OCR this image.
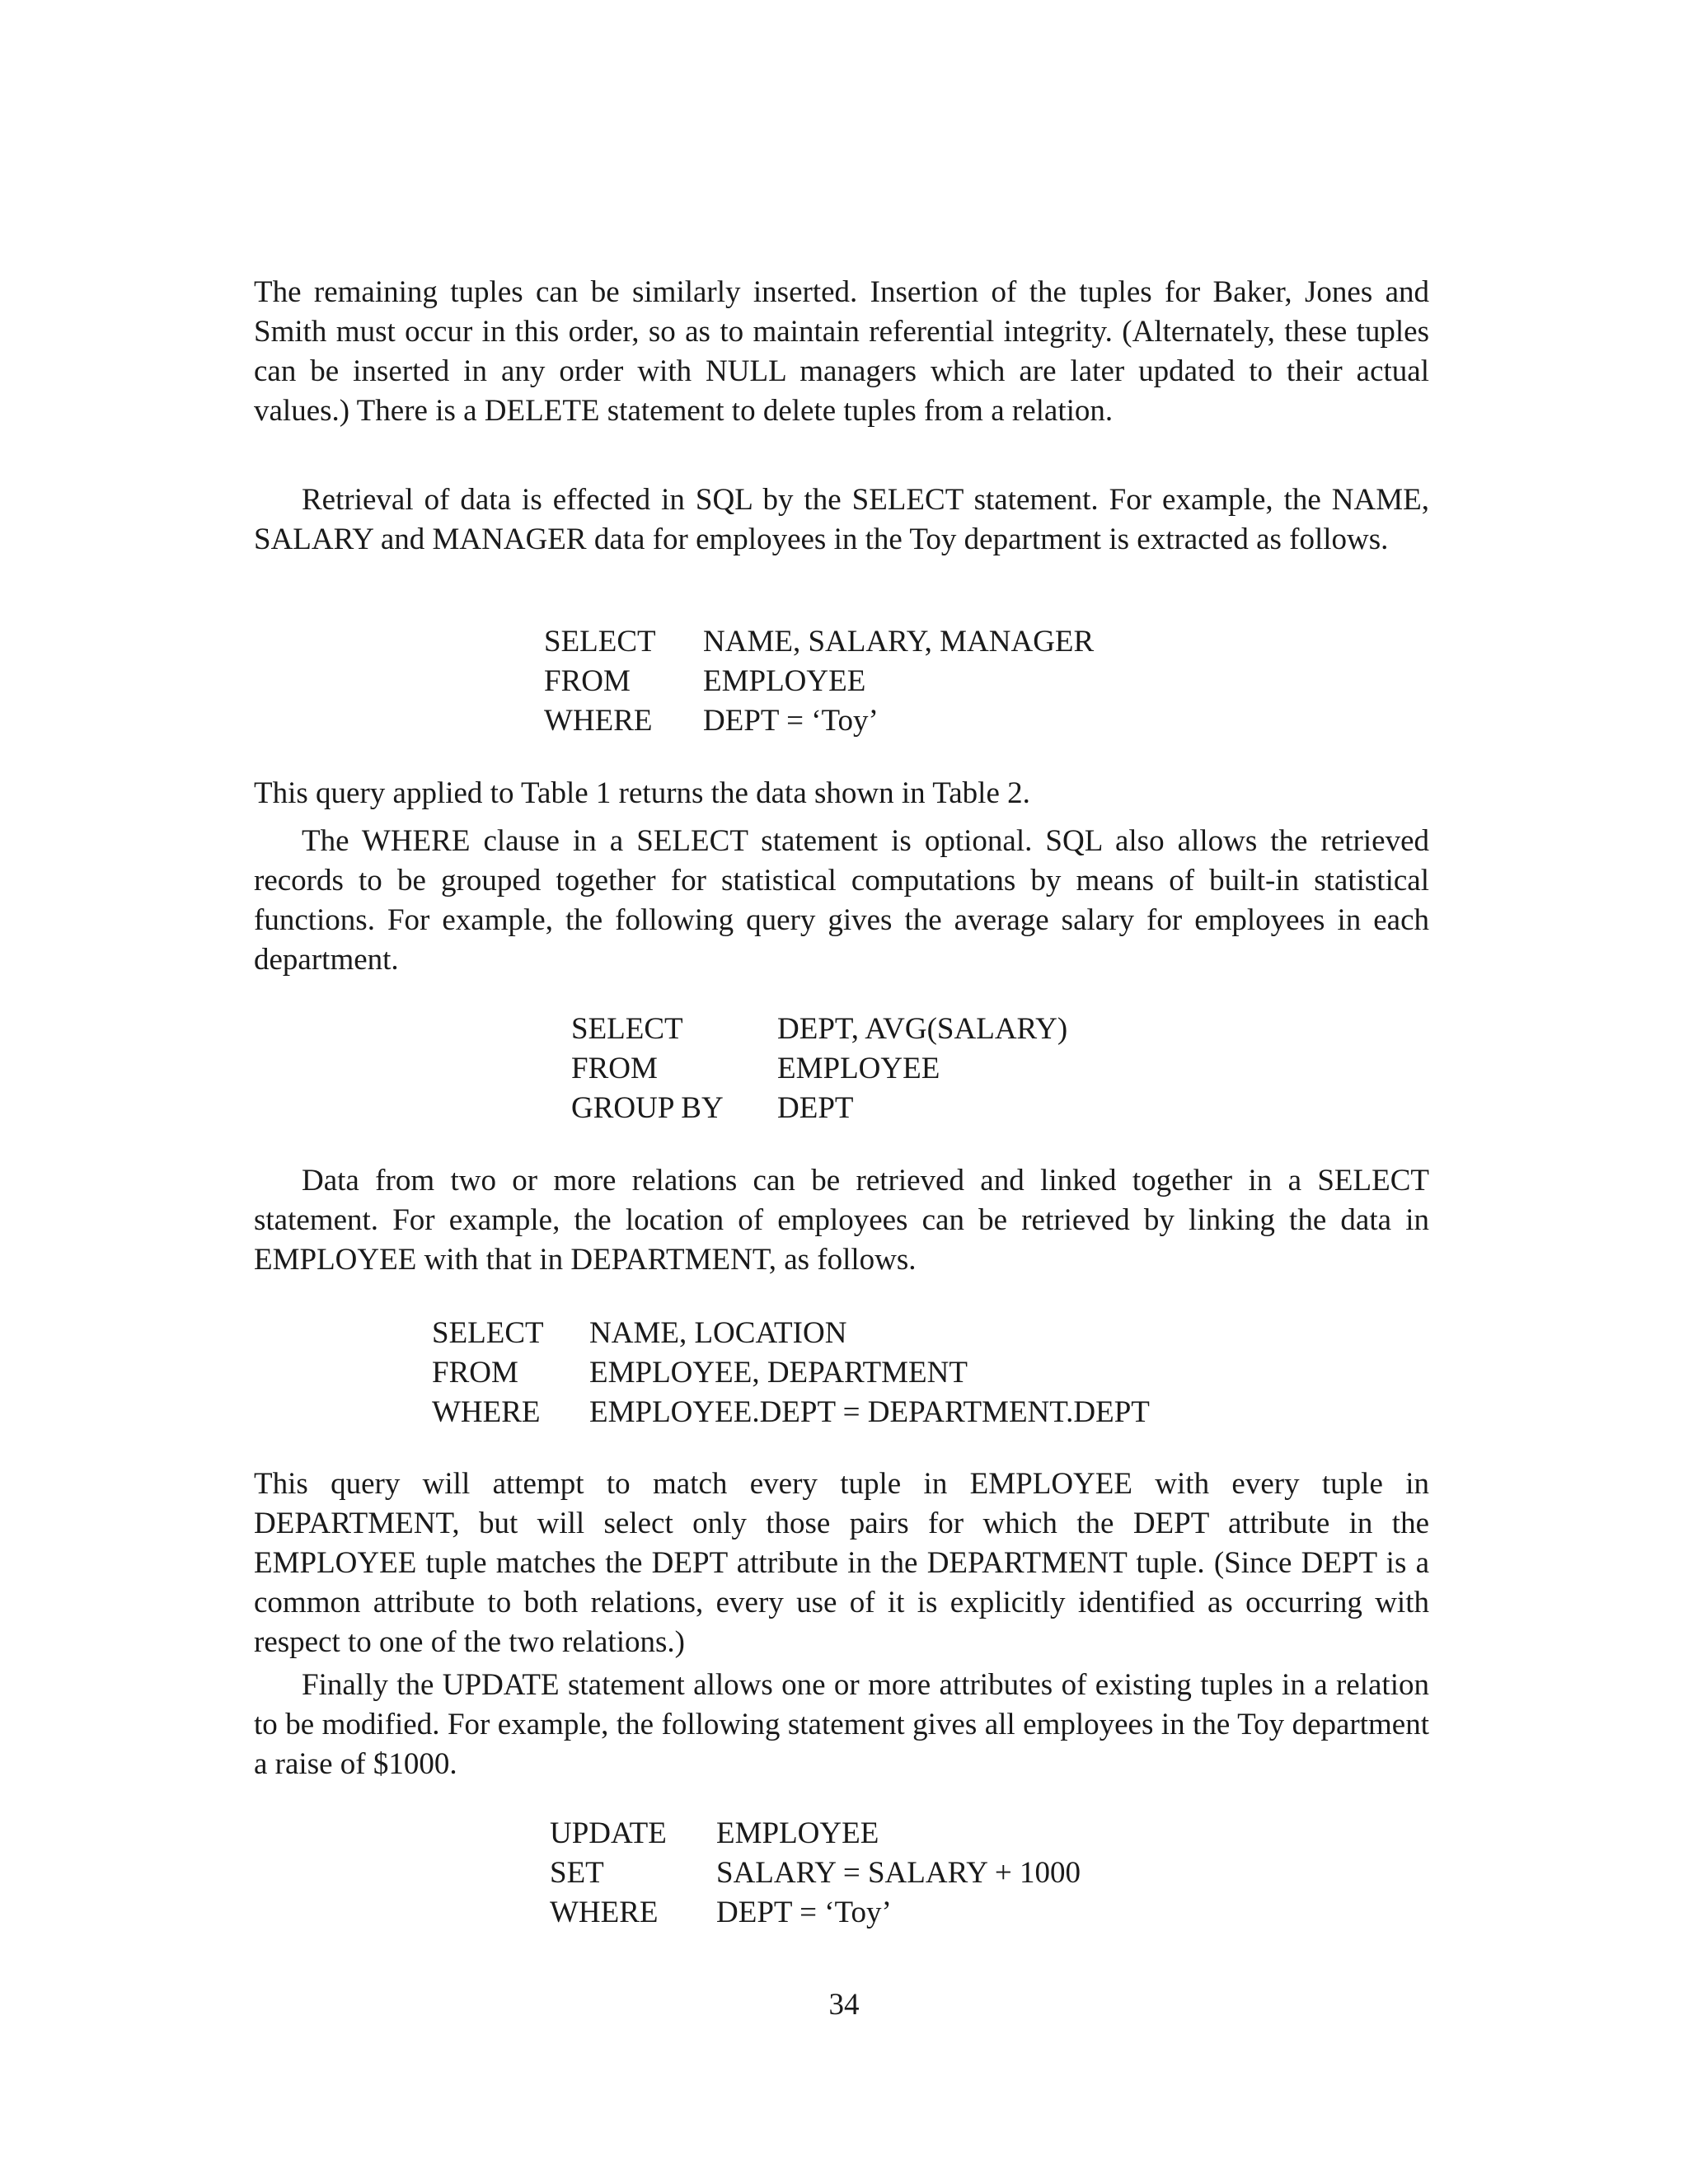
The remaining tuples can be similarly inserted. Insertion of the tuples for Baker, Jones and Smith must occur in this order, so as to maintain referential integrity. (Alternately, these tuples can be inserted in any order with NULL managers which are later updated to their actual values.) There is a DELETE statement to delete tuples from a relation.

Retrieval of data is effected in SQL by the SELECT statement. For example, the NAME, SALARY and MANAGER data for employees in the Toy department is extracted as follows.

SELECT	NAME, SALARY, MANAGER
FROM	EMPLOYEE
WHERE	DEPT = ‘Toy’

This query applied to Table 1 returns the data shown in Table 2.

The WHERE clause in a SELECT statement is optional. SQL also allows the retrieved records to be grouped together for statistical computations by means of built-in statistical functions. For example, the following query gives the average salary for employees in each department.

SELECT	DEPT, AVG(SALARY)
FROM	EMPLOYEE
GROUP BY	DEPT

Data from two or more relations can be retrieved and linked together in a SELECT statement. For example, the location of employees can be retrieved by linking the data in EMPLOYEE with that in DEPARTMENT, as follows.

SELECT	NAME, LOCATION
FROM	EMPLOYEE, DEPARTMENT
WHERE	EMPLOYEE.DEPT = DEPARTMENT.DEPT

This query will attempt to match every tuple in EMPLOYEE with every tuple in DEPARTMENT, but will select only those pairs for which the DEPT attribute in the EMPLOYEE tuple matches the DEPT attribute in the DEPARTMENT tuple. (Since DEPT is a common attribute to both relations, every use of it is explicitly identified as occurring with respect to one of the two relations.)

Finally the UPDATE statement allows one or more attributes of existing tuples in a relation to be modified. For example, the following statement gives all employees in the Toy department a raise of $1000.

UPDATE	EMPLOYEE
SET	SALARY = SALARY + 1000
WHERE	DEPT = ‘Toy’
34
